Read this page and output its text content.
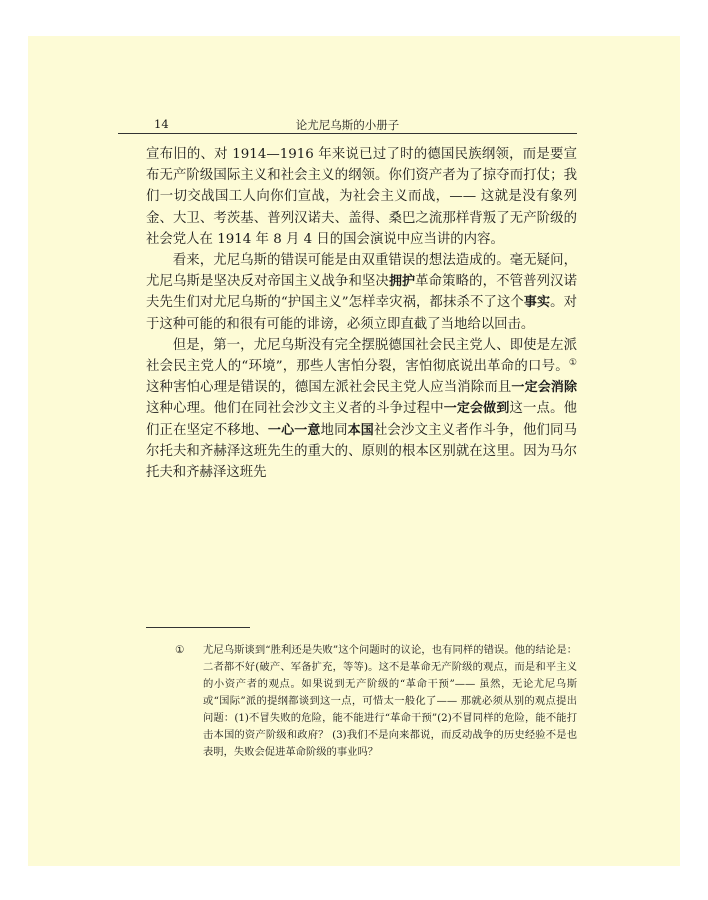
14	论尤尼乌斯的小册子

宣布旧的、对 1914—1916 年来说已过了时的德国民族纲领，而是要宣布无产阶级国际主义和社会主义的纲领。你们资产者为了掠夺而打仗；我们一切交战国工人向你们宣战，为社会主义而战，—— 这就是没有象列金、大卫、考茨基、普列汉诺夫、盖得、桑巴之流那样背叛了无产阶级的社会党人在 1914 年 8 月 4 日的国会演说中应当讲的内容。

看来，尤尼乌斯的错误可能是由双重错误的想法造成的。毫无疑问，尤尼乌斯是坚决反对帝国主义战争和坚决拥护革命策略的，不管普列汉诺夫先生们对尤尼乌斯的“护国主义”怎样幸灾祸，都抹杀不了这个事实。对于这种可能的和很有可能的诽谤，必须立即直截了当地给以回击。

但是，第一，尤尼乌斯没有完全摆脱德国社会民主党人、即使是左派社会民主党人的“环境”，那些人害怕分裂，害怕彻底说出革命的口号。① 这种害怕心理是错误的，德国左派社会民主党人应当消除而且一定会消除这种心理。他们在同社会沙文主义者的斗争过程中一定会做到这一点。他们正在坚定不移地、一心一意地同本国社会沙文主义者作斗争，他们同马尔托夫和齐赫泽这班先生的重大的、原则的根本区别就在这里。因为马尔托夫和齐赫泽这班先

① 尤尼乌斯谈到“胜利还是失败”这个问题时的议论，也有同样的错误。他的结论是：二者都不好(破产、军备扩充，等等)。这不是革命无产阶级的观点，而是和平主义的小资产者的观点。如果说到无产阶级的“革命干预”—— 虽然，无论尤尼乌斯或“国际”派的提纲都谈到这一点，可惜太一般化了—— 那就必须从别的观点提出问题：(1)不冒失败的危险，能不能进行“革命干预”(2)不冒同样的危险，能不能打击本国的资产阶级和政府？ (3)我们不是向来都说，而反动战争的历史经验不是也表明，失败会促进革命阶级的事业吗？
